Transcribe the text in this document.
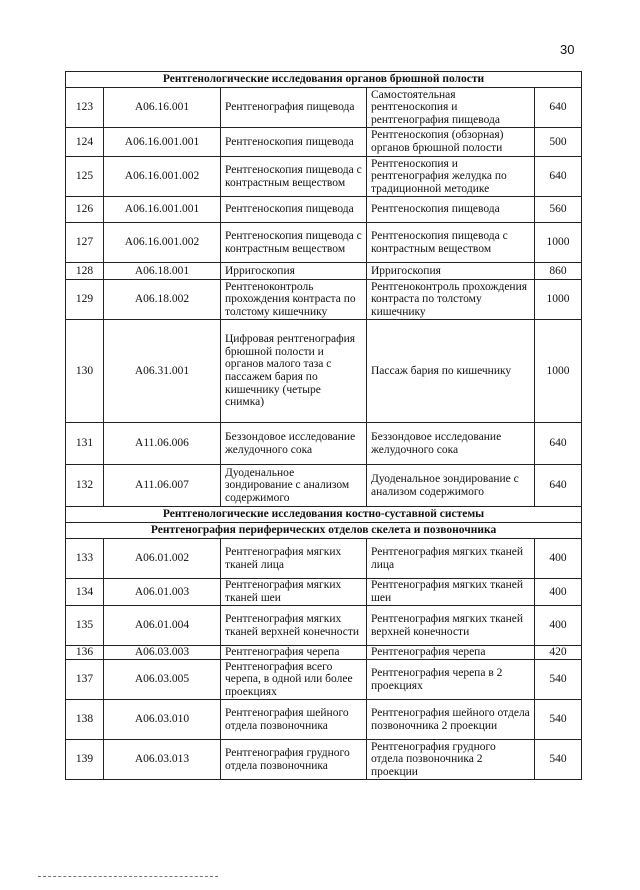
30
Рентгенологические исследования органов брюшной полости				
123	A06.16.001	Рентгенография пищевода	Самостоятельная рентгеноскопия и рентгенография пищевода	640
124	A06.16.001.001	Рентгеноскопия пищевода	Рентгеноскопия (обзорная) органов брюшной полости	500
125	A06.16.001.002	Рентгеноскопия пищевода с контрастным веществом	Рентгеноскопия и рентгенография желудка по традиционной методике	640
126	A06.16.001.001	Рентгеноскопия пищевода	Рентгеноскопия пищевода	560
127	A06.16.001.002	Рентгеноскопия пищевода с контрастным веществом	Рентгеноскопия пищевода с контрастным веществом	1000
128	A06.18.001	Ирригоскопия	Ирригоскопия	860
129	A06.18.002	Рентгеноконтроль прохождения контраста по толстому кишечнику	Рентгеноконтроль прохождения контраста по толстому кишечнику	1000
130	A06.31.001	Цифровая рентгенография брюшной полости и органов малого таза с пассажем бария по кишечнику (четыре снимка)	Пассаж бария по кишечнику	1000
131	A11.06.006	Беззондовое исследование желудочного сока	Беззондовое исследование желудочного сока	640
132	A11.06.007	Дуоденальное зондирование с анализом содержимого	Дуоденальное зондирование с анализом содержимого	640
Рентгенологические исследования костно-суставной системы				
Рентгенография периферических отделов скелета и позвоночника				
133	A06.01.002	Рентгенография мягких тканей лица	Рентгенография мягких тканей лица	400
134	A06.01.003	Рентгенография мягких тканей шеи	Рентгенография мягких тканей шеи	400
135	A06.01.004	Рентгенография мягких тканей верхней конечности	Рентгенография мягких тканей верхней конечности	400
136	A06.03.003	Рентгенография черепа	Рентгенография черепа	420
137	A06.03.005	Рентгенография всего черепа, в одной или более проекциях	Рентгенография черепа в 2 проекциях	540
138	A06.03.010	Рентгенография шейного отдела позвоночника	Рентгенография шейного отдела позвоночника 2 проекции	540
139	A06.03.013	Рентгенография грудного отдела позвоночника	Рентгенография грудного отдела позвоночника 2 проекции	540
